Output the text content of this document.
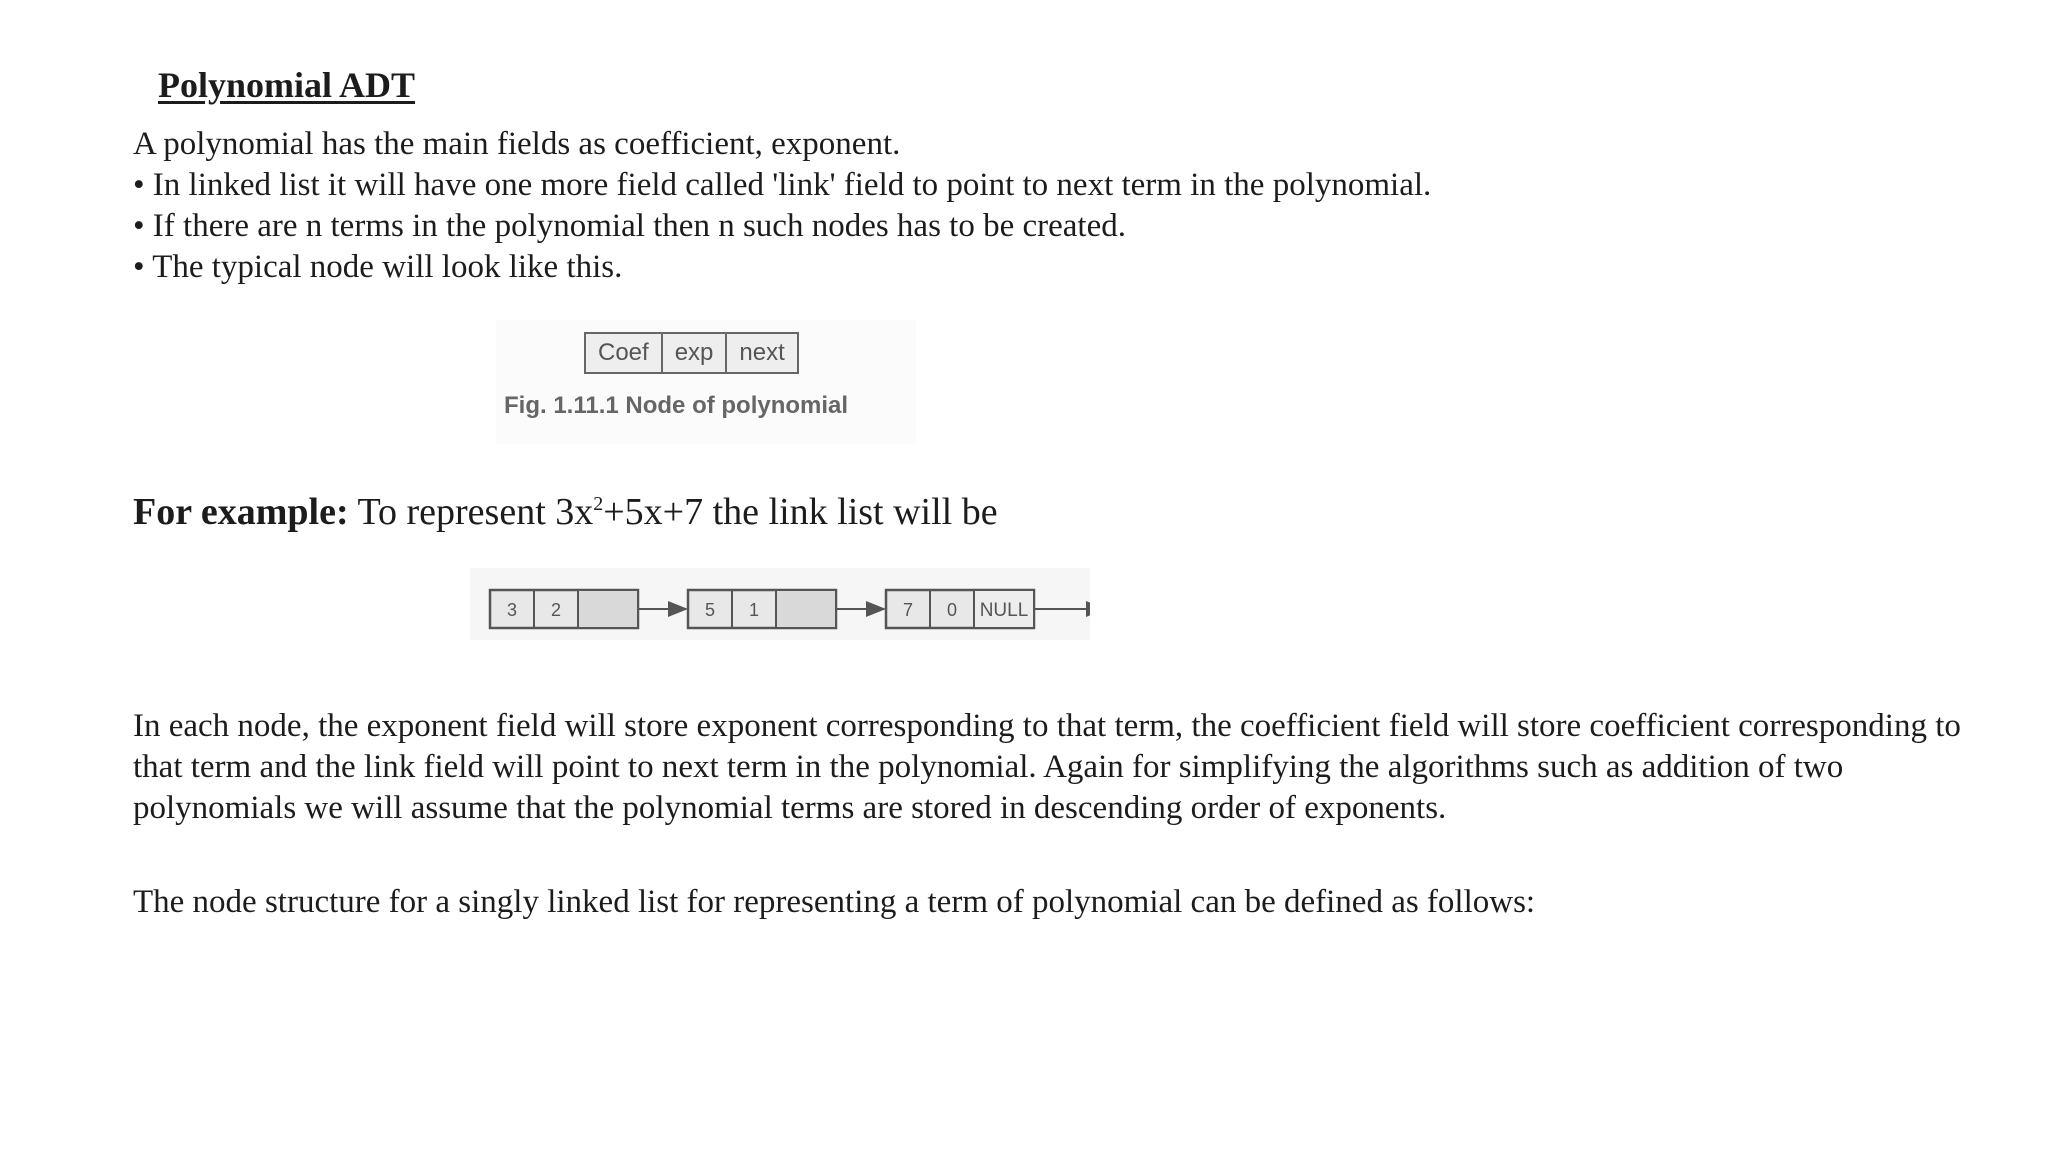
Polynomial ADT
A polynomial has the main fields as coefficient, exponent.
• In linked list it will have one more field called 'link' field to point to next term in the polynomial.
• If there are n terms in the polynomial then n such nodes has to be created.
• The typical node will look like this.
Coef	exp	next
Fig. 1.11.1 Node of polynomial
For example: To represent $3x^2+5x+7$ the link list will be
3 2	5 1	7 0 NULL
In each node, the exponent field will store exponent corresponding to that term, the coefficient field will store coefficient corresponding to that term and the link field will point to next term in the polynomial. Again for simplifying the algorithms such as addition of two polynomials we will assume that the polynomial terms are stored in descending order of exponents.
The node structure for a singly linked list for representing a term of polynomial can be defined as follows:
